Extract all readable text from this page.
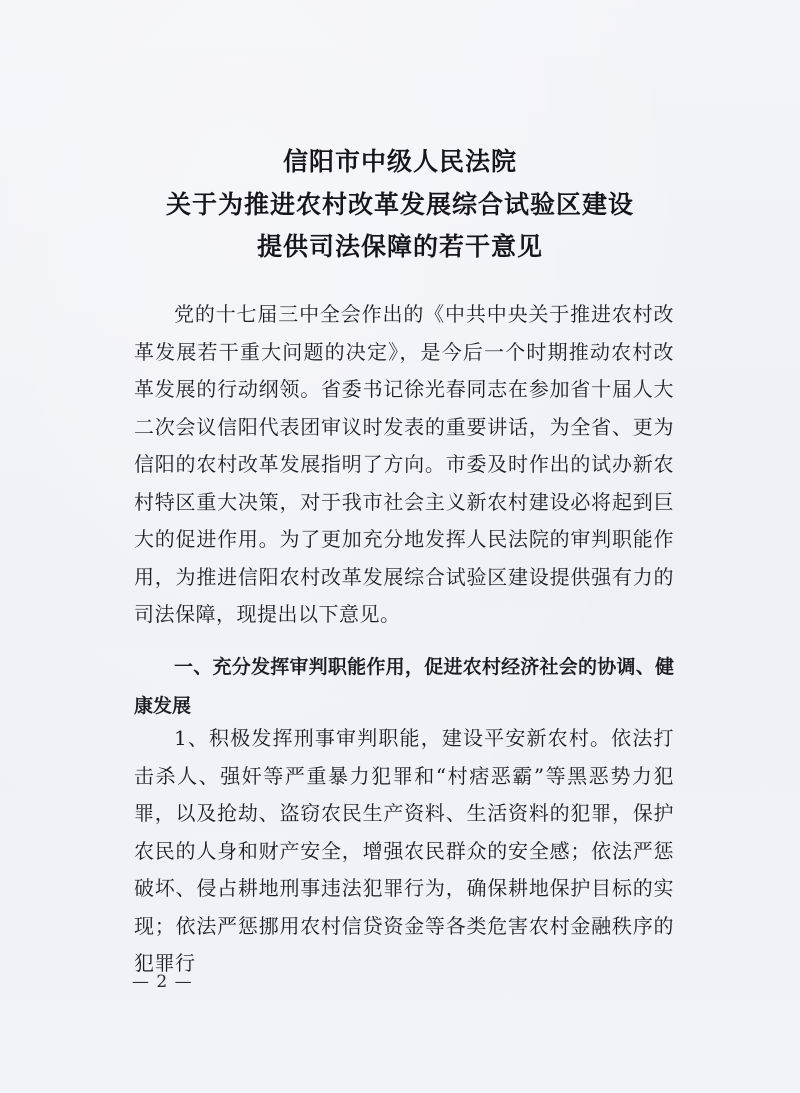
信阳市中级人民法院
关于为推进农村改革发展综合试验区建设
提供司法保障的若干意见

党的十七届三中全会作出的《中共中央关于推进农村改革发展若干重大问题的决定》，是今后一个时期推动农村改革发展的行动纲领。省委书记徐光春同志在参加省十届人大二次会议信阳代表团审议时发表的重要讲话，为全省、更为信阳的农村改革发展指明了方向。市委及时作出的试办新农村特区重大决策，对于我市社会主义新农村建设必将起到巨大的促进作用。为了更加充分地发挥人民法院的审判职能作用，为推进信阳农村改革发展综合试验区建设提供强有力的司法保障，现提出以下意见。

一、充分发挥审判职能作用，促进农村经济社会的协调、健康发展

1、积极发挥刑事审判职能，建设平安新农村。依法打击杀人、强奸等严重暴力犯罪和“村痞恶霸”等黑恶势力犯罪，以及抢劫、盗窃农民生产资料、生活资料的犯罪，保护农民的人身和财产安全，增强农民群众的安全感；依法严惩破坏、侵占耕地刑事违法犯罪行为，确保耕地保护目标的实现；依法严惩挪用农村信贷资金等各类危害农村金融秩序的犯罪行

— 2 —
